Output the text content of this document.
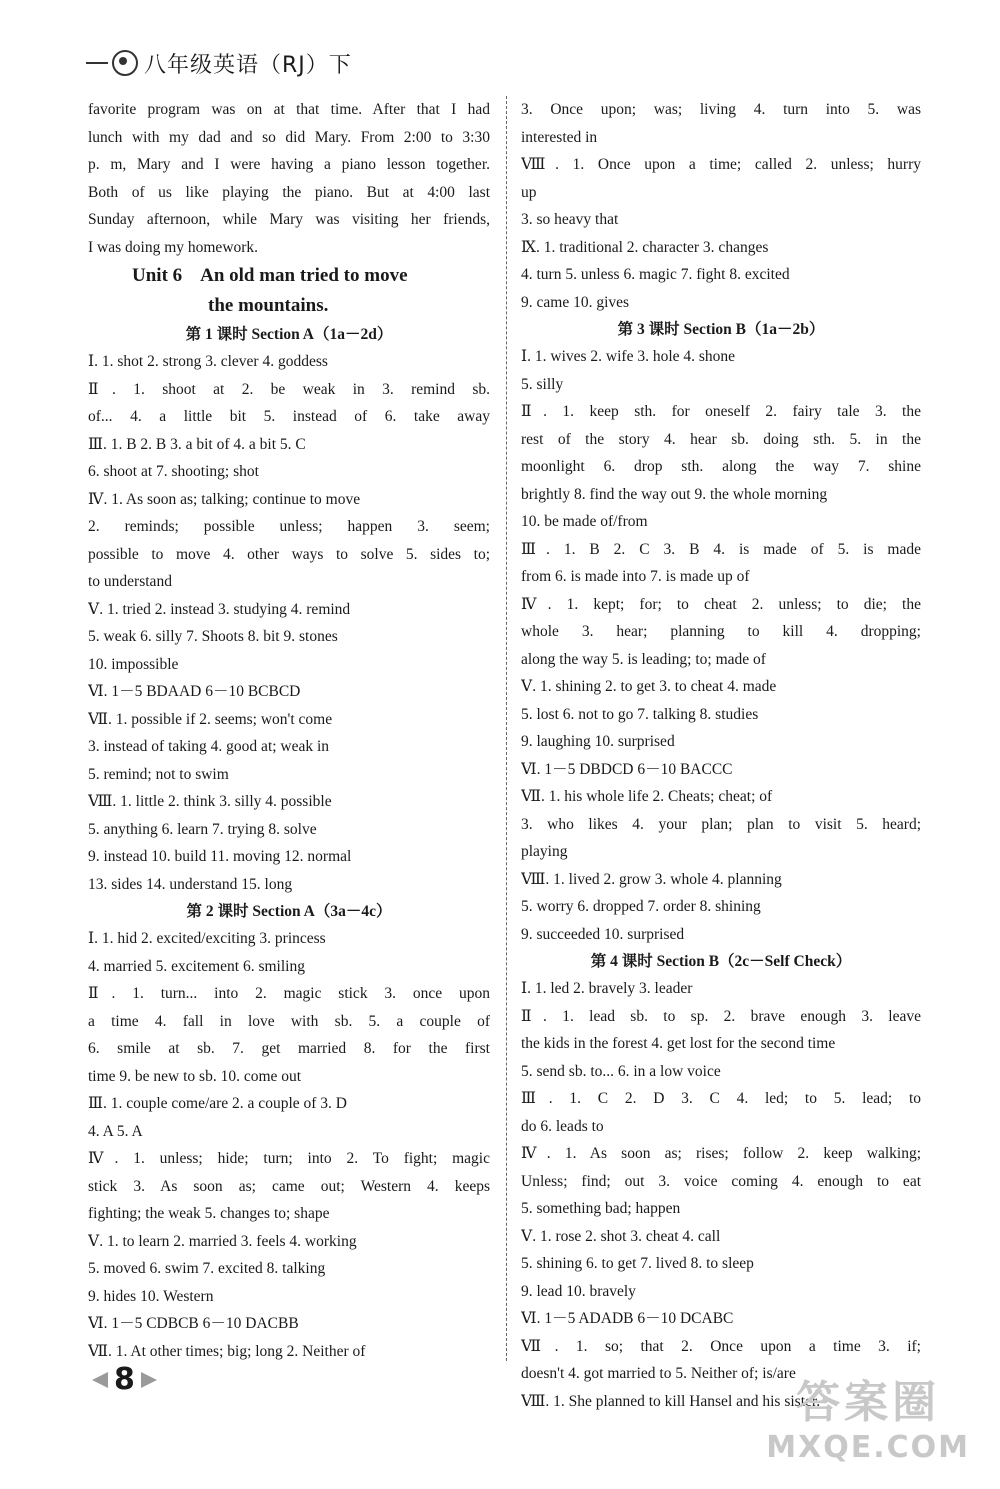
八年级英语（RJ）下
favorite program was on at that time. After that I had
lunch with my dad and so did Mary. From 2:00 to 3:30
p. m, Mary and I were having a piano lesson together.
Both of us like playing the piano. But at 4:00 last
Sunday afternoon, while Mary was visiting her friends,
I was doing my homework.
Unit 6    An old man tried to move
the mountains.
第 1 课时 Section A（1a－2d）
Ⅰ. 1. shot 2. strong 3. clever 4. goddess
Ⅱ. 1. shoot at 2. be weak in 3. remind sb.
of... 4. a little bit 5. instead of 6. take away
Ⅲ. 1. B 2. B 3. a bit of 4. a bit 5. C
6. shoot at 7. shooting; shot
Ⅳ. 1. As soon as; talking; continue to move
2. reminds; possible unless; happen 3. seem;
possible to move 4. other ways to solve 5. sides to;
to understand
Ⅴ. 1. tried 2. instead 3. studying 4. remind
5. weak 6. silly 7. Shoots 8. bit 9. stones
10. impossible
Ⅵ. 1－5 BDAAD 6－10 BCBCD
Ⅶ. 1. possible if 2. seems; won't come
3. instead of taking 4. good at; weak in
5. remind; not to swim
Ⅷ. 1. little 2. think 3. silly 4. possible
5. anything 6. learn 7. trying 8. solve
9. instead 10. build 11. moving 12. normal
13. sides 14. understand 15. long
第 2 课时 Section A（3a－4c）
Ⅰ. 1. hid 2. excited/exciting 3. princess
4. married 5. excitement 6. smiling
Ⅱ. 1. turn... into 2. magic stick 3. once upon
a time 4. fall in love with sb. 5. a couple of
6. smile at sb. 7. get married 8. for the first
time 9. be new to sb. 10. come out
Ⅲ. 1. couple come/are 2. a couple of 3. D
4. A 5. A
Ⅳ. 1. unless; hide; turn; into 2. To fight; magic
stick 3. As soon as; came out; Western 4. keeps
fighting; the weak 5. changes to; shape
Ⅴ. 1. to learn 2. married 3. feels 4. working
5. moved 6. swim 7. excited 8. talking
9. hides 10. Western
Ⅵ. 1－5 CDBCB 6－10 DACBB
Ⅶ. 1. At other times; big; long 2. Neither of
3. Once upon; was; living 4. turn into 5. was
interested in
Ⅷ. 1. Once upon a time; called 2. unless; hurry
up
3. so heavy that
Ⅸ. 1. traditional 2. character 3. changes
4. turn 5. unless 6. magic 7. fight 8. excited
9. came 10. gives
第 3 课时 Section B（1a－2b）
Ⅰ. 1. wives 2. wife 3. hole 4. shone
5. silly
Ⅱ. 1. keep sth. for oneself 2. fairy tale 3. the
rest of the story 4. hear sb. doing sth. 5. in the
moonlight 6. drop sth. along the way 7. shine
brightly 8. find the way out 9. the whole morning
10. be made of/from
Ⅲ. 1. B 2. C 3. B 4. is made of 5. is made
from 6. is made into 7. is made up of
Ⅳ. 1. kept; for; to cheat 2. unless; to die; the
whole 3. hear; planning to kill 4. dropping;
along the way 5. is leading; to; made of
Ⅴ. 1. shining 2. to get 3. to cheat 4. made
5. lost 6. not to go 7. talking 8. studies
9. laughing 10. surprised
Ⅵ. 1－5 DBDCD 6－10 BACCC
Ⅶ. 1. his whole life 2. Cheats; cheat; of
3. who likes 4. your plan; plan to visit 5. heard;
playing
Ⅷ. 1. lived 2. grow 3. whole 4. planning
5. worry 6. dropped 7. order 8. shining
9. succeeded 10. surprised
第 4 课时 Section B（2c－Self Check）
Ⅰ. 1. led 2. bravely 3. leader
Ⅱ. 1. lead sb. to sp. 2. brave enough 3. leave
the kids in the forest 4. get lost for the second time
5. send sb. to... 6. in a low voice
Ⅲ. 1. C 2. D 3. C 4. led; to 5. lead; to
do 6. leads to
Ⅳ. 1. As soon as; rises; follow 2. keep walking;
Unless; find; out 3. voice coming 4. enough to eat
5. something bad; happen
Ⅴ. 1. rose 2. shot 3. cheat 4. call
5. shining 6. to get 7. lived 8. to sleep
9. lead 10. bravely
Ⅵ. 1－5 ADADB 6－10 DCABC
Ⅶ. 1. so; that 2. Once upon a time 3. if;
doesn't 4. got married to 5. Neither of; is/are
Ⅷ. 1. She planned to kill Hansel and his sister.
8	答案圈
MXQE.COM
